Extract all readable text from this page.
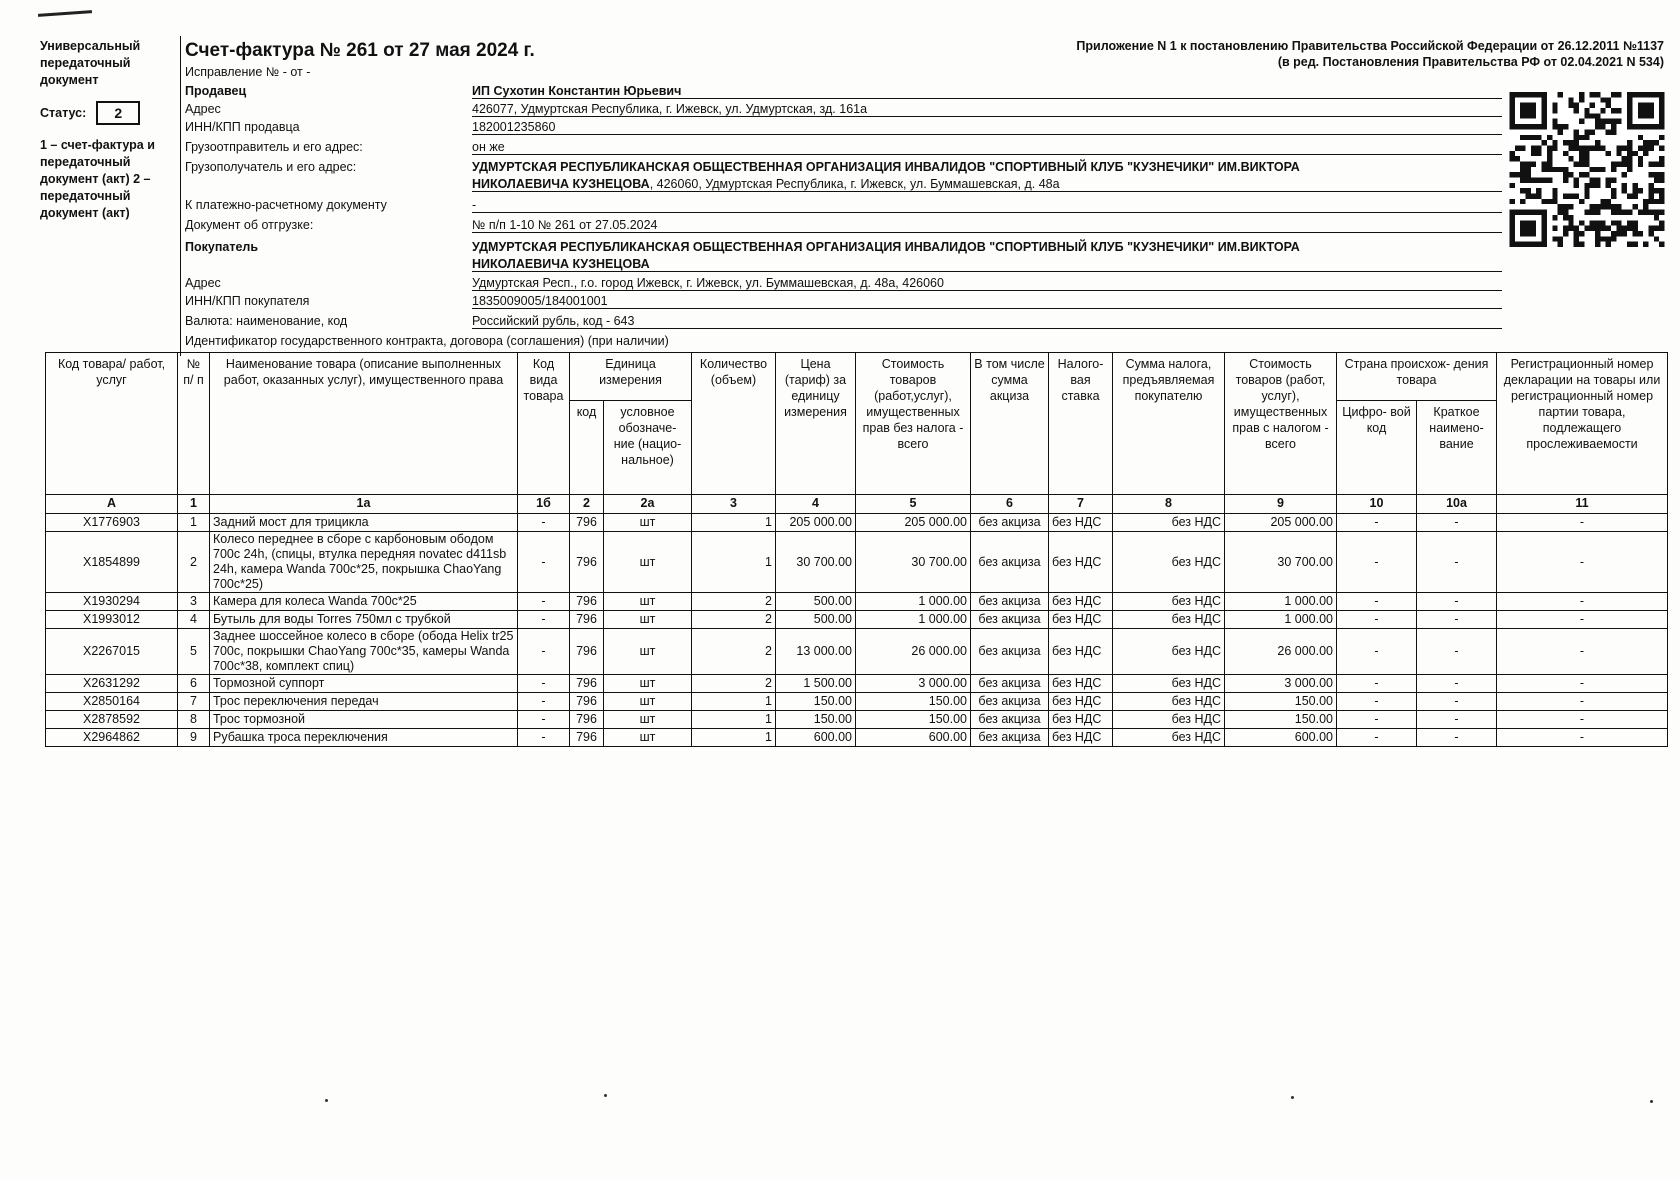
Универсальный передаточный документ
Статус:	2
1 – счет-фактура и передаточный документ (акт) 2 – передаточный документ (акт)
Счет-фактура № 261 от 27 мая 2024 г.
Исправление № - от -
Приложение N 1 к постановлению Правительства Российской Федерации от 26.12.2011 №1137
(в ред. Постановления Правительства РФ от 02.04.2021 N 534)
Продавец	ИП Сухотин Константин Юрьевич
Адрес	426077, Удмуртская Республика, г. Ижевск, ул. Удмуртская, зд. 161а
ИНН/КПП продавца	182001235860
Грузоотправитель и его адрес:	он же
Грузополучатель и его адрес:	УДМУРТСКАЯ РЕСПУБЛИКАНСКАЯ ОБЩЕСТВЕННАЯ ОРГАНИЗАЦИЯ ИНВАЛИДОВ "СПОРТИВНЫЙ КЛУБ "КУЗНЕЧИКИ" ИМ.ВИКТОРА
НИКОЛАЕВИЧА КУЗНЕЦОВА, 426060, Удмуртская Республика, г. Ижевск, ул. Буммашевская, д. 48а
К платежно-расчетному документу	-
Документ об отгрузке:	№ п/п 1-10 № 261 от 27.05.2024
Покупатель	УДМУРТСКАЯ РЕСПУБЛИКАНСКАЯ ОБЩЕСТВЕННАЯ ОРГАНИЗАЦИЯ ИНВАЛИДОВ "СПОРТИВНЫЙ КЛУБ "КУЗНЕЧИКИ" ИМ.ВИКТОРА
НИКОЛАЕВИЧА КУЗНЕЦОВА
Адрес	Удмуртская Респ., г.о. город Ижевск, г. Ижевск, ул. Буммашевская, д. 48а, 426060
ИНН/КПП покупателя	1835009005/184001001
Валюта: наименование, код	Российский рубль, код - 643
Идентификатор государственного контракта, договора (соглашения) (при наличии)
Код товара/ работ, услуг	№ п/ п	Наименование товара (описание выполненных работ, оказанных услуг), имущественного права	Код вида товара	Единица измерения		Количество (объем)	Цена (тариф) за единицу измерения	Стоимость товаров (работ,услуг), имущественных прав без налога - всего	В том числе сумма акциза	Налого- вая ставка	Сумма налога, предъявляемая покупателю	Стоимость товаров (работ, услуг), имущественных прав с налогом - всего	Страна происхож- дения товара		Регистрационный номер декларации на товары или регистрационный номер партии товара, подлежащего прослеживаемости
				код	условное обозначе- ние (нацио- нальное)								Цифро- вой код	Краткое наимено- вание	
А	1	1а	1б	2	2а	3	4	5	6	7	8	9	10	10а	11
X1776903	1	Задний мост для трицикла	-	796	шт	1	205 000.00	205 000.00	без акциза	без НДС	без НДС	205 000.00	-	-	-
X1854899	2	Колесо переднее в сборе с карбоновым ободом 700c 24h, (спицы, втулка передняя novatec d411sb 24h, камера Wanda 700c*25, покрышка ChaoYang 700c*25)	-	796	шт	1	30 700.00	30 700.00	без акциза	без НДС	без НДС	30 700.00	-	-	-
X1930294	3	Камера для колеса Wanda 700c*25	-	796	шт	2	500.00	1 000.00	без акциза	без НДС	без НДС	1 000.00	-	-	-
X1993012	4	Бутыль для воды Torres 750мл с трубкой	-	796	шт	2	500.00	1 000.00	без акциза	без НДС	без НДС	1 000.00	-	-	-
X2267015	5	Заднее шоссейное колесо в сборе (обода Helix tr25 700c, покрышки ChaoYang 700c*35, камеры Wanda 700c*38, комплект спиц)	-	796	шт	2	13 000.00	26 000.00	без акциза	без НДС	без НДС	26 000.00	-	-	-
X2631292	6	Тормозной суппорт	-	796	шт	2	1 500.00	3 000.00	без акциза	без НДС	без НДС	3 000.00	-	-	-
X2850164	7	Трос переключения передач	-	796	шт	1	150.00	150.00	без акциза	без НДС	без НДС	150.00	-	-	-
X2878592	8	Трос тормозной	-	796	шт	1	150.00	150.00	без акциза	без НДС	без НДС	150.00	-	-	-
X2964862	9	Рубашка троса переключения	-	796	шт	1	600.00	600.00	без акциза	без НДС	без НДС	600.00	-	-	-
